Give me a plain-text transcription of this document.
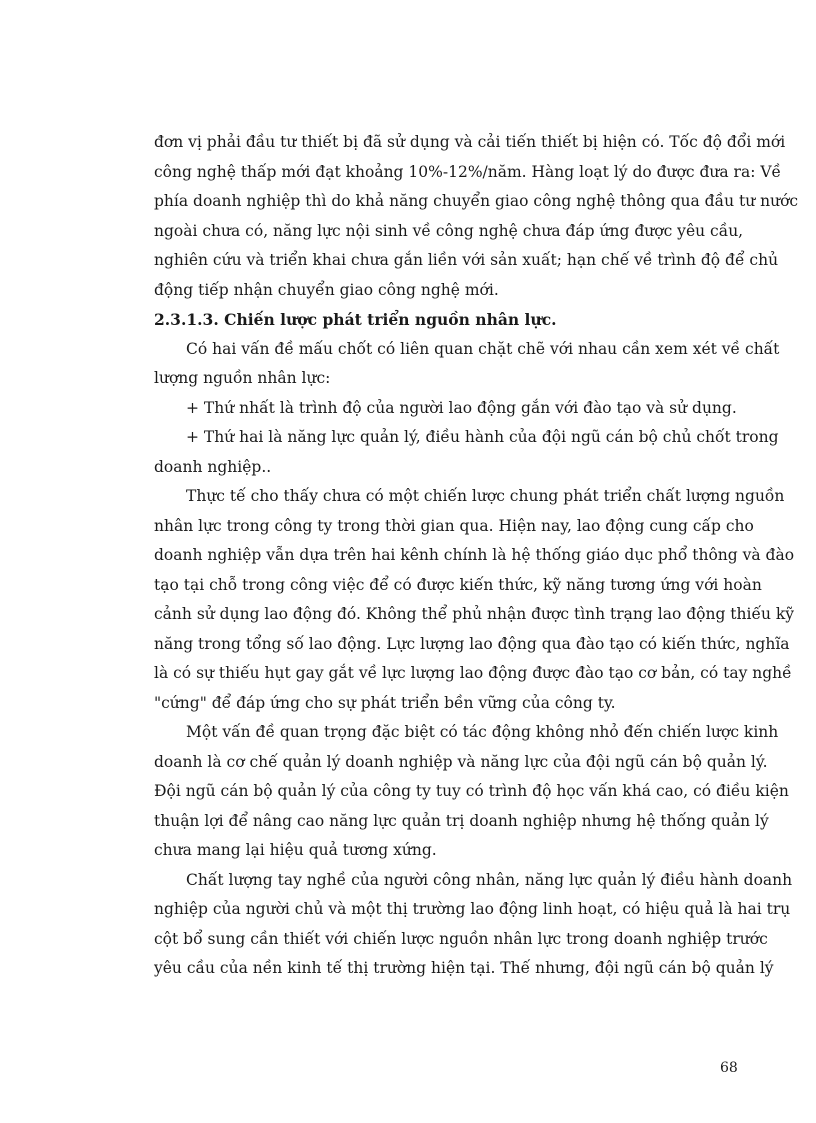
đơn vị phải đầu tư thiết bị đã sử dụng và cải tiến thiết bị hiện có. Tốc độ đổi mới
công nghệ thấp mới đạt khoảng 10%-12%/năm. Hàng loạt lý do được đưa ra: Về
phía doanh nghiệp thì do khả năng chuyển giao công nghệ thông qua đầu tư nước
ngoài chưa có, năng lực nội sinh về công nghệ chưa đáp ứng được yêu cầu,
nghiên cứu và triển khai chưa gắn liền với sản xuất; hạn chế về trình độ để chủ
động tiếp nhận chuyển giao công nghệ mới.
2.3.1.3. Chiến lược phát triển nguồn nhân lực.
Có hai vấn đề mấu chốt có liên quan chặt chẽ với nhau cần xem xét về chất
lượng nguồn nhân lực:
+ Thứ nhất là trình độ của người lao động gắn với đào tạo và sử dụng.
+ Thứ hai là năng lực quản lý, điều hành của đội ngũ cán bộ chủ chốt trong
doanh nghiệp..
Thực tế cho thấy chưa có một chiến lược chung phát triển chất lượng nguồn
nhân lực trong công ty trong thời gian qua. Hiện nay, lao động cung cấp cho
doanh nghiệp vẫn dựa trên hai kênh chính là hệ thống giáo dục phổ thông và đào
tạo tại chỗ trong công việc để có được kiến thức, kỹ năng tương ứng với hoàn
cảnh sử dụng lao động đó. Không thể phủ nhận được tình trạng lao động thiếu kỹ
năng trong tổng số lao động. Lực lượng lao động qua đào tạo có kiến thức, nghĩa
là có sự thiếu hụt gay gắt về lực lượng lao động được đào tạo cơ bản, có tay nghề
"cứng" để đáp ứng cho sự phát triển bền vững của công ty.
Một vấn đề quan trọng đặc biệt có tác động không nhỏ đến chiến lược kinh
doanh là cơ chế quản lý doanh nghiệp và năng lực của đội ngũ cán bộ quản lý.
Đội ngũ cán bộ quản lý của công ty tuy có trình độ học vấn khá cao, có điều kiện
thuận lợi để nâng cao năng lực quản trị doanh nghiệp nhưng hệ thống quản lý
chưa mang lại hiệu quả tương xứng.
Chất lượng tay nghề của người công nhân, năng lực quản lý điều hành doanh
nghiệp của người chủ và một thị trường lao động linh hoạt, có hiệu quả là hai trụ
cột bổ sung cần thiết với chiến lược nguồn nhân lực trong doanh nghiệp trước
yêu cầu của nền kinh tế thị trường hiện tại. Thế nhưng, đội ngũ cán bộ quản lý
68
